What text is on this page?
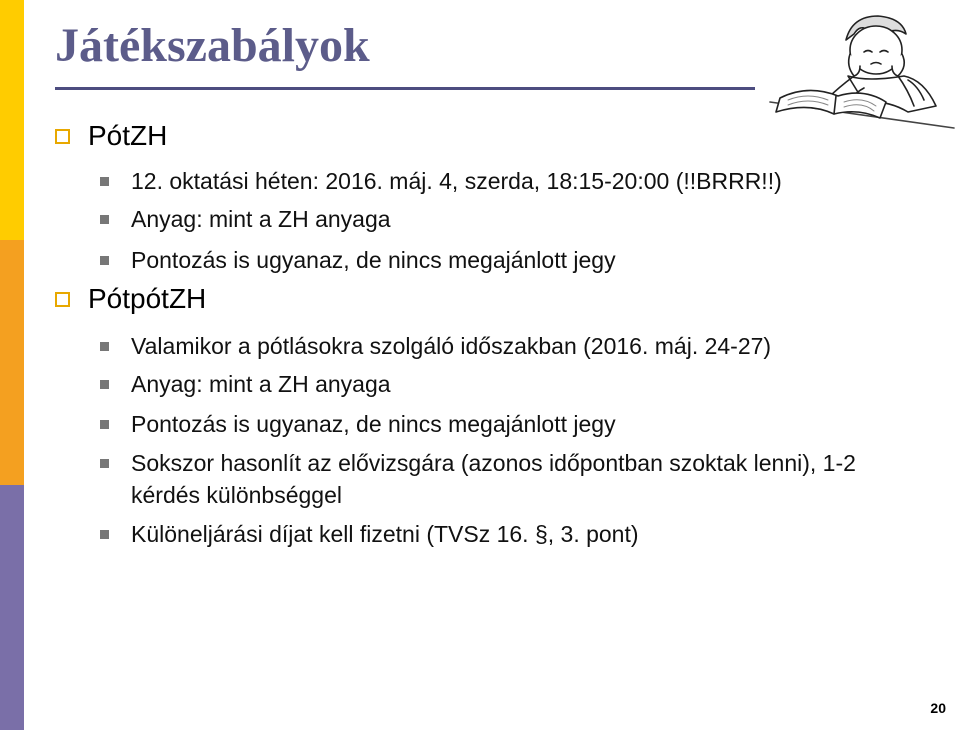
Játékszabályok
PótZH
12. oktatási héten: 2016. máj. 4, szerda, 18:15-20:00 (!!BRRR!!)
Anyag: mint a ZH anyaga
Pontozás is ugyanaz, de nincs megajánlott jegy
PótpótZH
Valamikor a pótlásokra szolgáló időszakban (2016. máj. 24-27)
Anyag: mint a ZH anyaga
Pontozás is ugyanaz, de nincs megajánlott jegy
Sokszor hasonlít az elővizsgára (azonos időpontban szoktak lenni), 1-2 kérdés különbséggel
Különeljárási díjat kell fizetni (TVSz 16. §, 3. pont)
20
